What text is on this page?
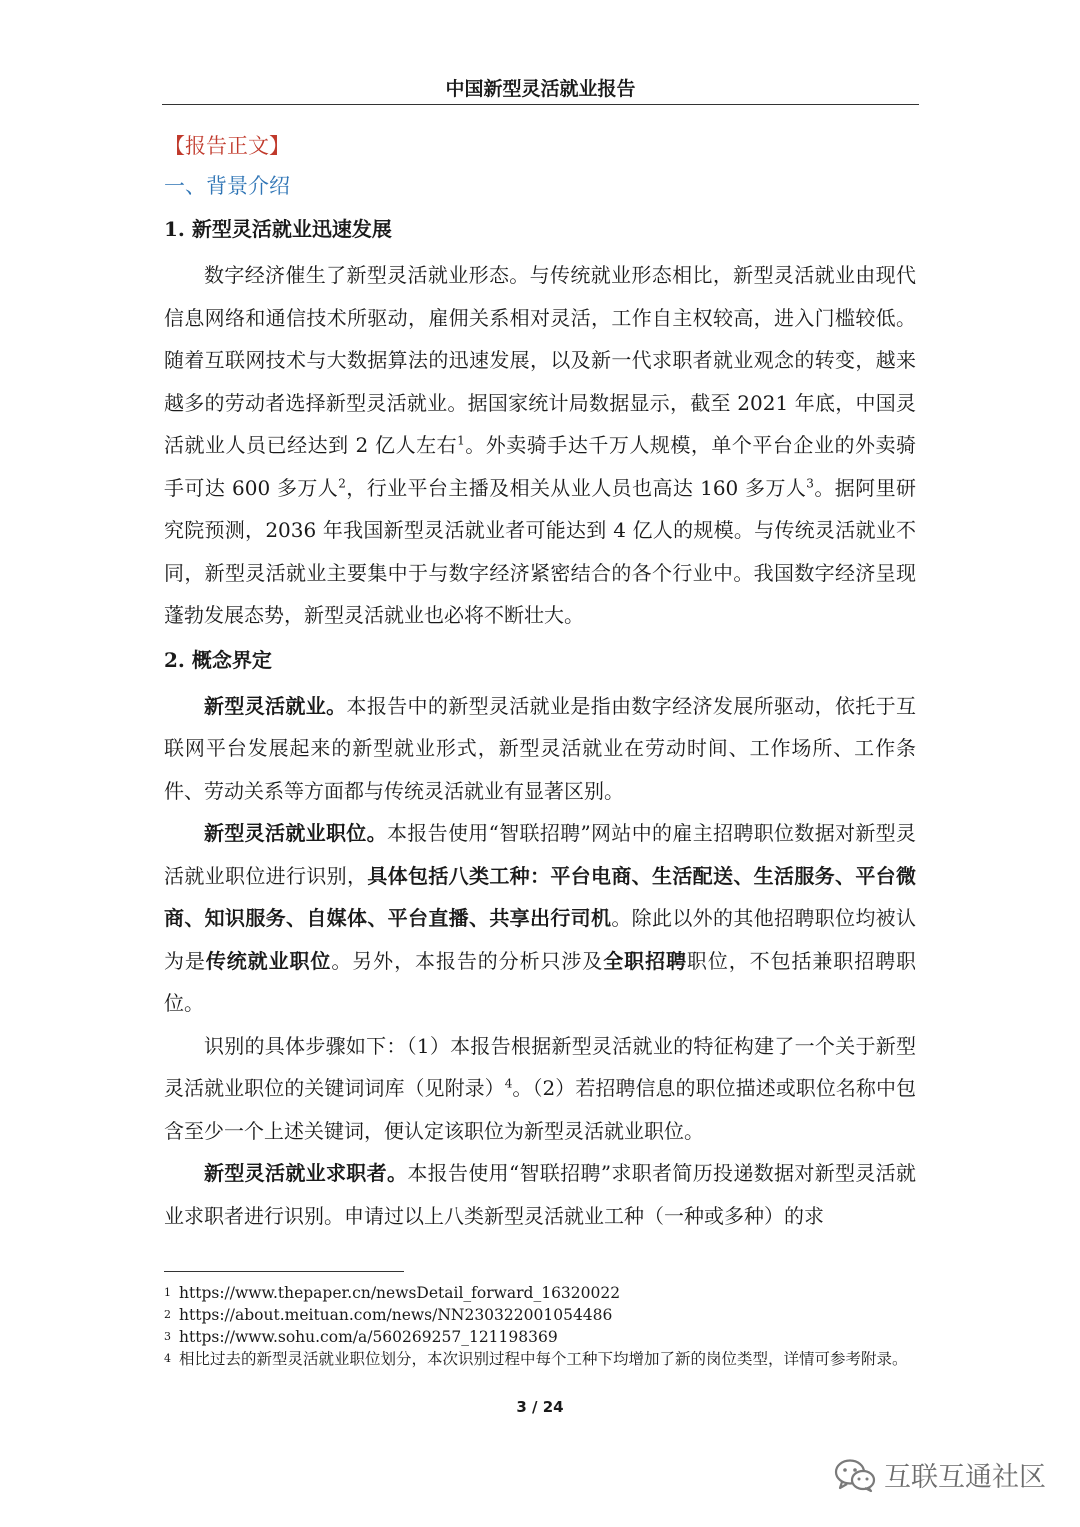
中国新型灵活就业报告
【报告正文】
一、背景介绍
1. 新型灵活就业迅速发展

数字经济催生了新型灵活就业形态。与传统就业形态相比，新型灵活就业由现代信息网络和通信技术所驱动，雇佣关系相对灵活，工作自主权较高，进入门槛较低。随着互联网技术与大数据算法的迅速发展，以及新一代求职者就业观念的转变，越来越多的劳动者选择新型灵活就业。据国家统计局数据显示，截至 2021 年底，中国灵活就业人员已经达到 2 亿人左右$^1$。外卖骑手达千万人规模，单个平台企业的外卖骑手可达 600 多万人$^2$，行业平台主播及相关从业人员也高达 160 多万人$^3$。据阿里研究院预测，2036 年我国新型灵活就业者可能达到 4 亿人的规模。与传统灵活就业不同，新型灵活就业主要集中于与数字经济紧密结合的各个行业中。我国数字经济呈现蓬勃发展态势，新型灵活就业也必将不断壮大。

2. 概念界定

新型灵活就业。本报告中的新型灵活就业是指由数字经济发展所驱动，依托于互联网平台发展起来的新型就业形式，新型灵活就业在劳动时间、工作场所、工作条件、劳动关系等方面都与传统灵活就业有显著区别。

新型灵活就业职位。本报告使用“智联招聘”网站中的雇主招聘职位数据对新型灵活就业职位进行识别，具体包括八类工种：平台电商、生活配送、生活服务、平台微商、知识服务、自媒体、平台直播、共享出行司机。除此以外的其他招聘职位均被认为是传统就业职位。另外，本报告的分析只涉及全职招聘职位，不包括兼职招聘职位。

识别的具体步骤如下：（1）本报告根据新型灵活就业的特征构建了一个关于新型灵活就业职位的关键词词库（见附录）$^4$。（2）若招聘信息的职位描述或职位名称中包含至少一个上述关键词，便认定该职位为新型灵活就业职位。

新型灵活就业求职者。本报告使用“智联招聘”求职者简历投递数据对新型灵活就业求职者进行识别。申请过以上八类新型灵活就业工种（一种或多种）的求

$^1$ https://www.thepaper.cn/newsDetail_forward_16320022

$^2$ https://about.meituan.com/news/NN230322001054486

$^3$ https://www.sohu.com/a/560269257_121198369

$^4$ 相比过去的新型灵活就业职位划分，本次识别过程中每个工种下均增加了新的岗位类型，详情可参考附录。

3 / 24
互联互通社区
